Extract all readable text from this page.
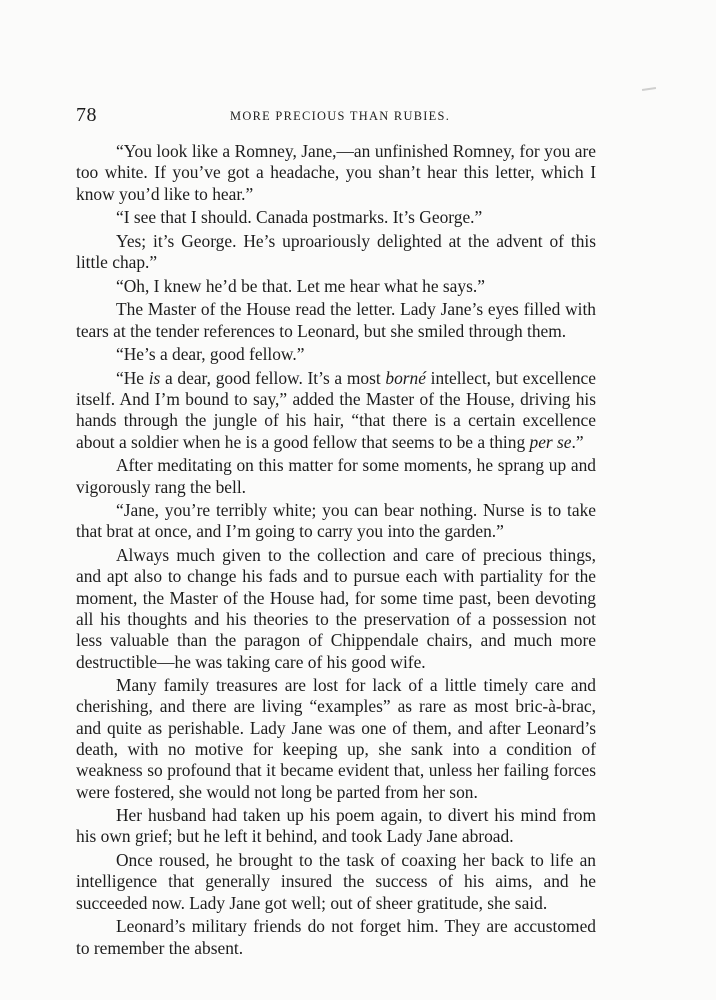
78	MORE PRECIOUS THAN RUBIES.

“You look like a Romney, Jane,—an unfinished Romney, for you are too white. If you’ve got a headache, you shan’t hear this letter, which I know you’d like to hear.”

“I see that I should. Canada postmarks. It’s George.”

Yes; it’s George. He’s uproariously delighted at the advent of this little chap.”

“Oh, I knew he’d be that. Let me hear what he says.”

The Master of the House read the letter. Lady Jane’s eyes filled with tears at the tender references to Leonard, but she smiled through them.

“He’s a dear, good fellow.”

“He is a dear, good fellow. It’s a most borné intellect, but excellence itself. And I’m bound to say,” added the Master of the House, driving his hands through the jungle of his hair, “that there is a certain excellence about a soldier when he is a good fellow that seems to be a thing per se.”

After meditating on this matter for some moments, he sprang up and vigorously rang the bell.

“Jane, you’re terribly white; you can bear nothing. Nurse is to take that brat at once, and I’m going to carry you into the garden.”

Always much given to the collection and care of precious things, and apt also to change his fads and to pursue each with partiality for the moment, the Master of the House had, for some time past, been devoting all his thoughts and his theories to the preservation of a possession not less valuable than the paragon of Chippendale chairs, and much more destructible—he was taking care of his good wife.

Many family treasures are lost for lack of a little timely care and cherishing, and there are living “examples” as rare as most bric-à-brac, and quite as perishable. Lady Jane was one of them, and after Leonard’s death, with no motive for keeping up, she sank into a condition of weakness so profound that it became evident that, unless her failing forces were fostered, she would not long be parted from her son.

Her husband had taken up his poem again, to divert his mind from his own grief; but he left it behind, and took Lady Jane abroad.

Once roused, he brought to the task of coaxing her back to life an intelligence that generally insured the success of his aims, and he succeeded now. Lady Jane got well; out of sheer gratitude, she said.

Leonard’s military friends do not forget him. They are accustomed to remember the absent.
